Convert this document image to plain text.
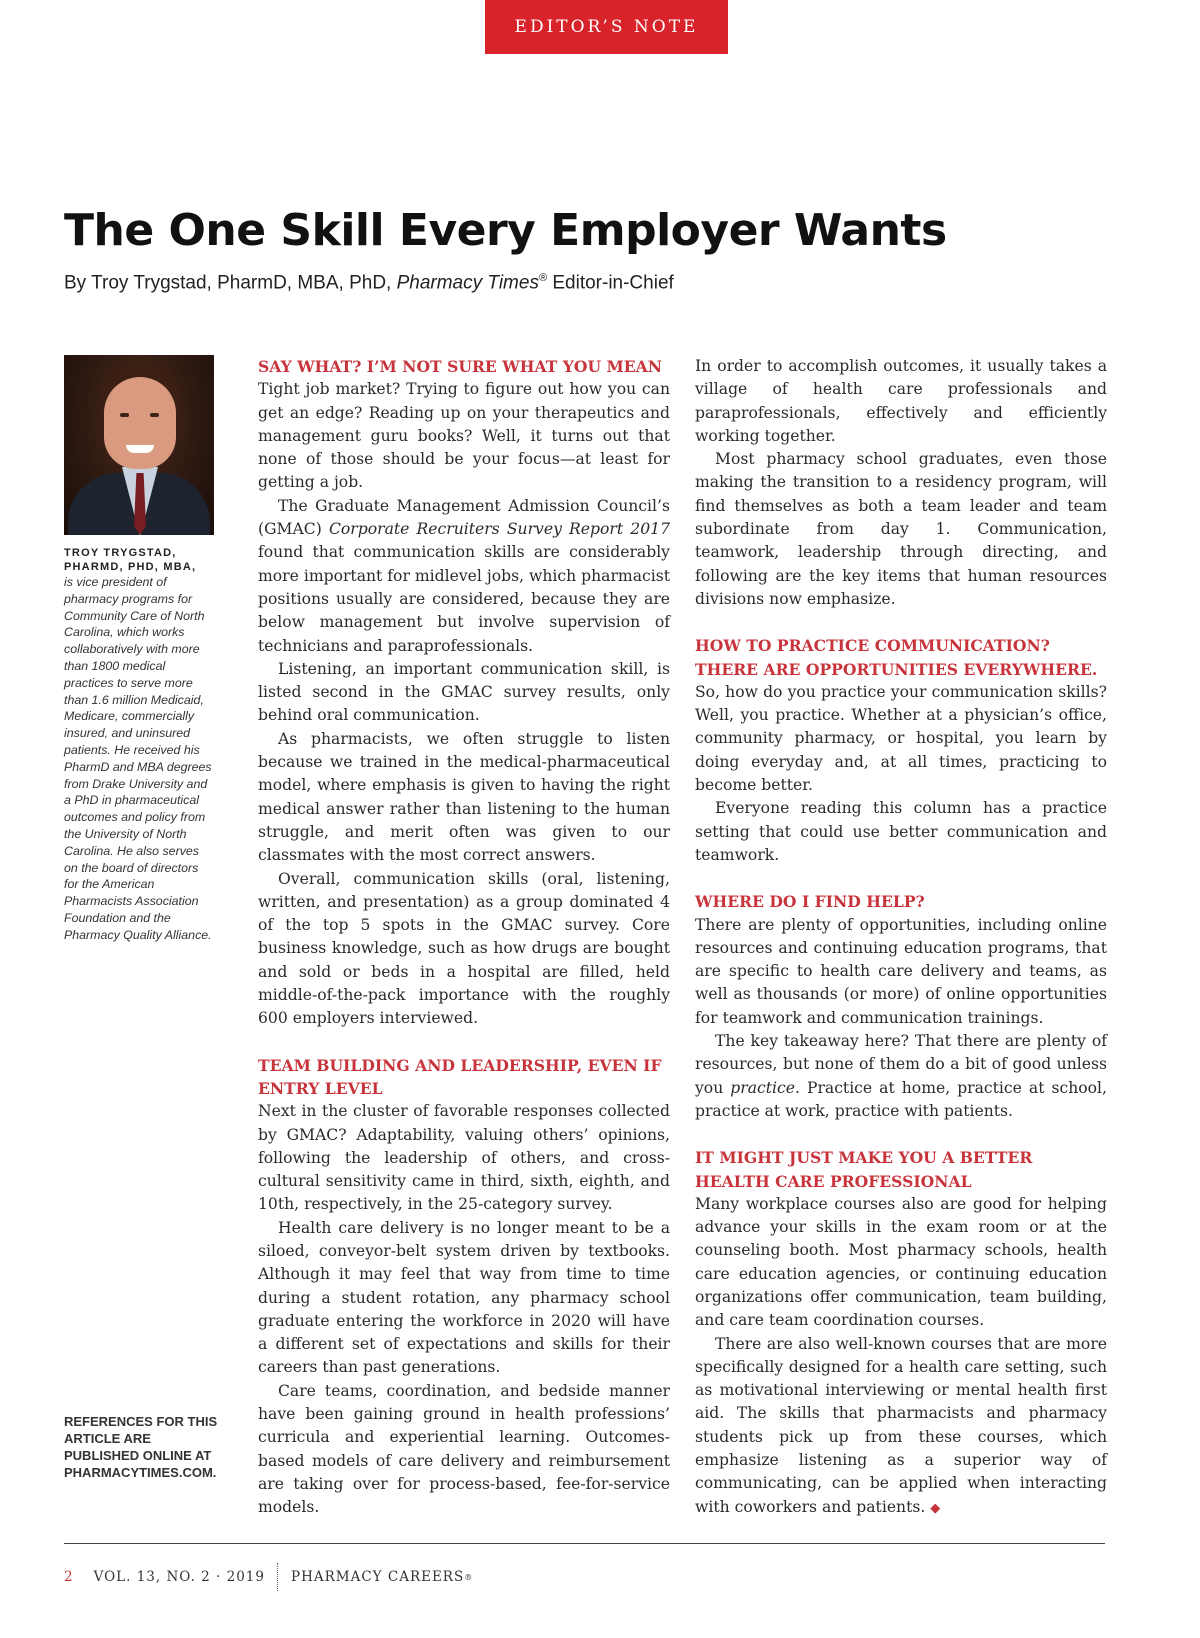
EDITOR’S NOTE
The One Skill Every Employer Wants
By Troy Trygstad, PharmD, MBA, PhD, Pharmacy Times® Editor-in-Chief
TROY TRYGSTAD, PHARMD, PHD, MBA,
is vice president of pharmacy programs for Community Care of North Carolina, which works collaboratively with more than 1800 medical practices to serve more than 1.6 million Medicaid, Medicare, commercially insured, and uninsured patients. He received his PharmD and MBA degrees from Drake University and a PhD in pharmaceutical outcomes and policy from the University of North Carolina. He also serves on the board of directors for the American Pharmacists Association Foundation and the Pharmacy Quality Alliance.
REFERENCES FOR THIS ARTICLE ARE PUBLISHED ONLINE AT PHARMACYTIMES.COM.
SAY WHAT? I’M NOT SURE WHAT YOU MEAN

Tight job market? Trying to figure out how you can get an edge? Reading up on your therapeutics and management guru books? Well, it turns out that none of those should be your focus—at least for getting a job.

The Graduate Management Admission Council’s (GMAC) Corporate Recruiters Survey Report 2017 found that communication skills are considerably more important for midlevel jobs, which pharmacist positions usually are considered, because they are below management but involve supervision of technicians and paraprofessionals.

Listening, an important communication skill, is listed second in the GMAC survey results, only behind oral communication.

As pharmacists, we often struggle to listen because we trained in the medical-pharmaceutical model, where emphasis is given to having the right medical answer rather than listening to the human struggle, and merit often was given to our classmates with the most correct answers.

Overall, communication skills (oral, listening, written, and presentation) as a group dominated 4 of the top 5 spots in the GMAC survey. Core business knowledge, such as how drugs are bought and sold or beds in a hospital are filled, held middle-of-the-pack importance with the roughly 600 employers interviewed.

TEAM BUILDING AND LEADERSHIP, EVEN IF ENTRY LEVEL

Next in the cluster of favorable responses collected by GMAC? Adaptability, valuing others’ opinions, following the leadership of others, and cross-cultural sensitivity came in third, sixth, eighth, and 10th, respectively, in the 25-category survey.

Health care delivery is no longer meant to be a siloed, conveyor-belt system driven by textbooks. Although it may feel that way from time to time during a student rotation, any pharmacy school graduate entering the workforce in 2020 will have a different set of expectations and skills for their careers than past generations.

Care teams, coordination, and bedside manner have been gaining ground in health professions’ curricula and experiential learning. Outcomes-based models of care delivery and reimbursement are taking over for process-based, fee-for-service models.

In order to accomplish outcomes, it usually takes a village of health care professionals and paraprofessionals, effectively and efficiently working together.

Most pharmacy school graduates, even those making the transition to a residency program, will find themselves as both a team leader and team subordinate from day 1. Communication, teamwork, leadership through directing, and following are the key items that human resources divisions now emphasize.

HOW TO PRACTICE COMMUNICATION? THERE ARE OPPORTUNITIES EVERYWHERE.

So, how do you practice your communication skills? Well, you practice. Whether at a physician’s office, community pharmacy, or hospital, you learn by doing everyday and, at all times, practicing to become better.

Everyone reading this column has a practice setting that could use better communication and teamwork.

WHERE DO I FIND HELP?

There are plenty of opportunities, including online resources and continuing education programs, that are specific to health care delivery and teams, as well as thousands (or more) of online opportunities for teamwork and communication trainings.

The key takeaway here? That there are plenty of resources, but none of them do a bit of good unless you practice. Practice at home, practice at school, practice at work, practice with patients.

IT MIGHT JUST MAKE YOU A BETTER HEALTH CARE PROFESSIONAL

Many workplace courses also are good for helping advance your skills in the exam room or at the counseling booth. Most pharmacy schools, health care education agencies, or continuing education organizations offer communication, team building, and care team coordination courses.

There are also well-known courses that are more specifically designed for a health care setting, such as motivational interviewing or mental health first aid. The skills that pharmacists and pharmacy students pick up from these courses, which emphasize listening as a superior way of communicating, can be applied when interacting with coworkers and patients. ◆

2 VOL. 13, NO. 2 · 2019 PHARMACY CAREERS ®
